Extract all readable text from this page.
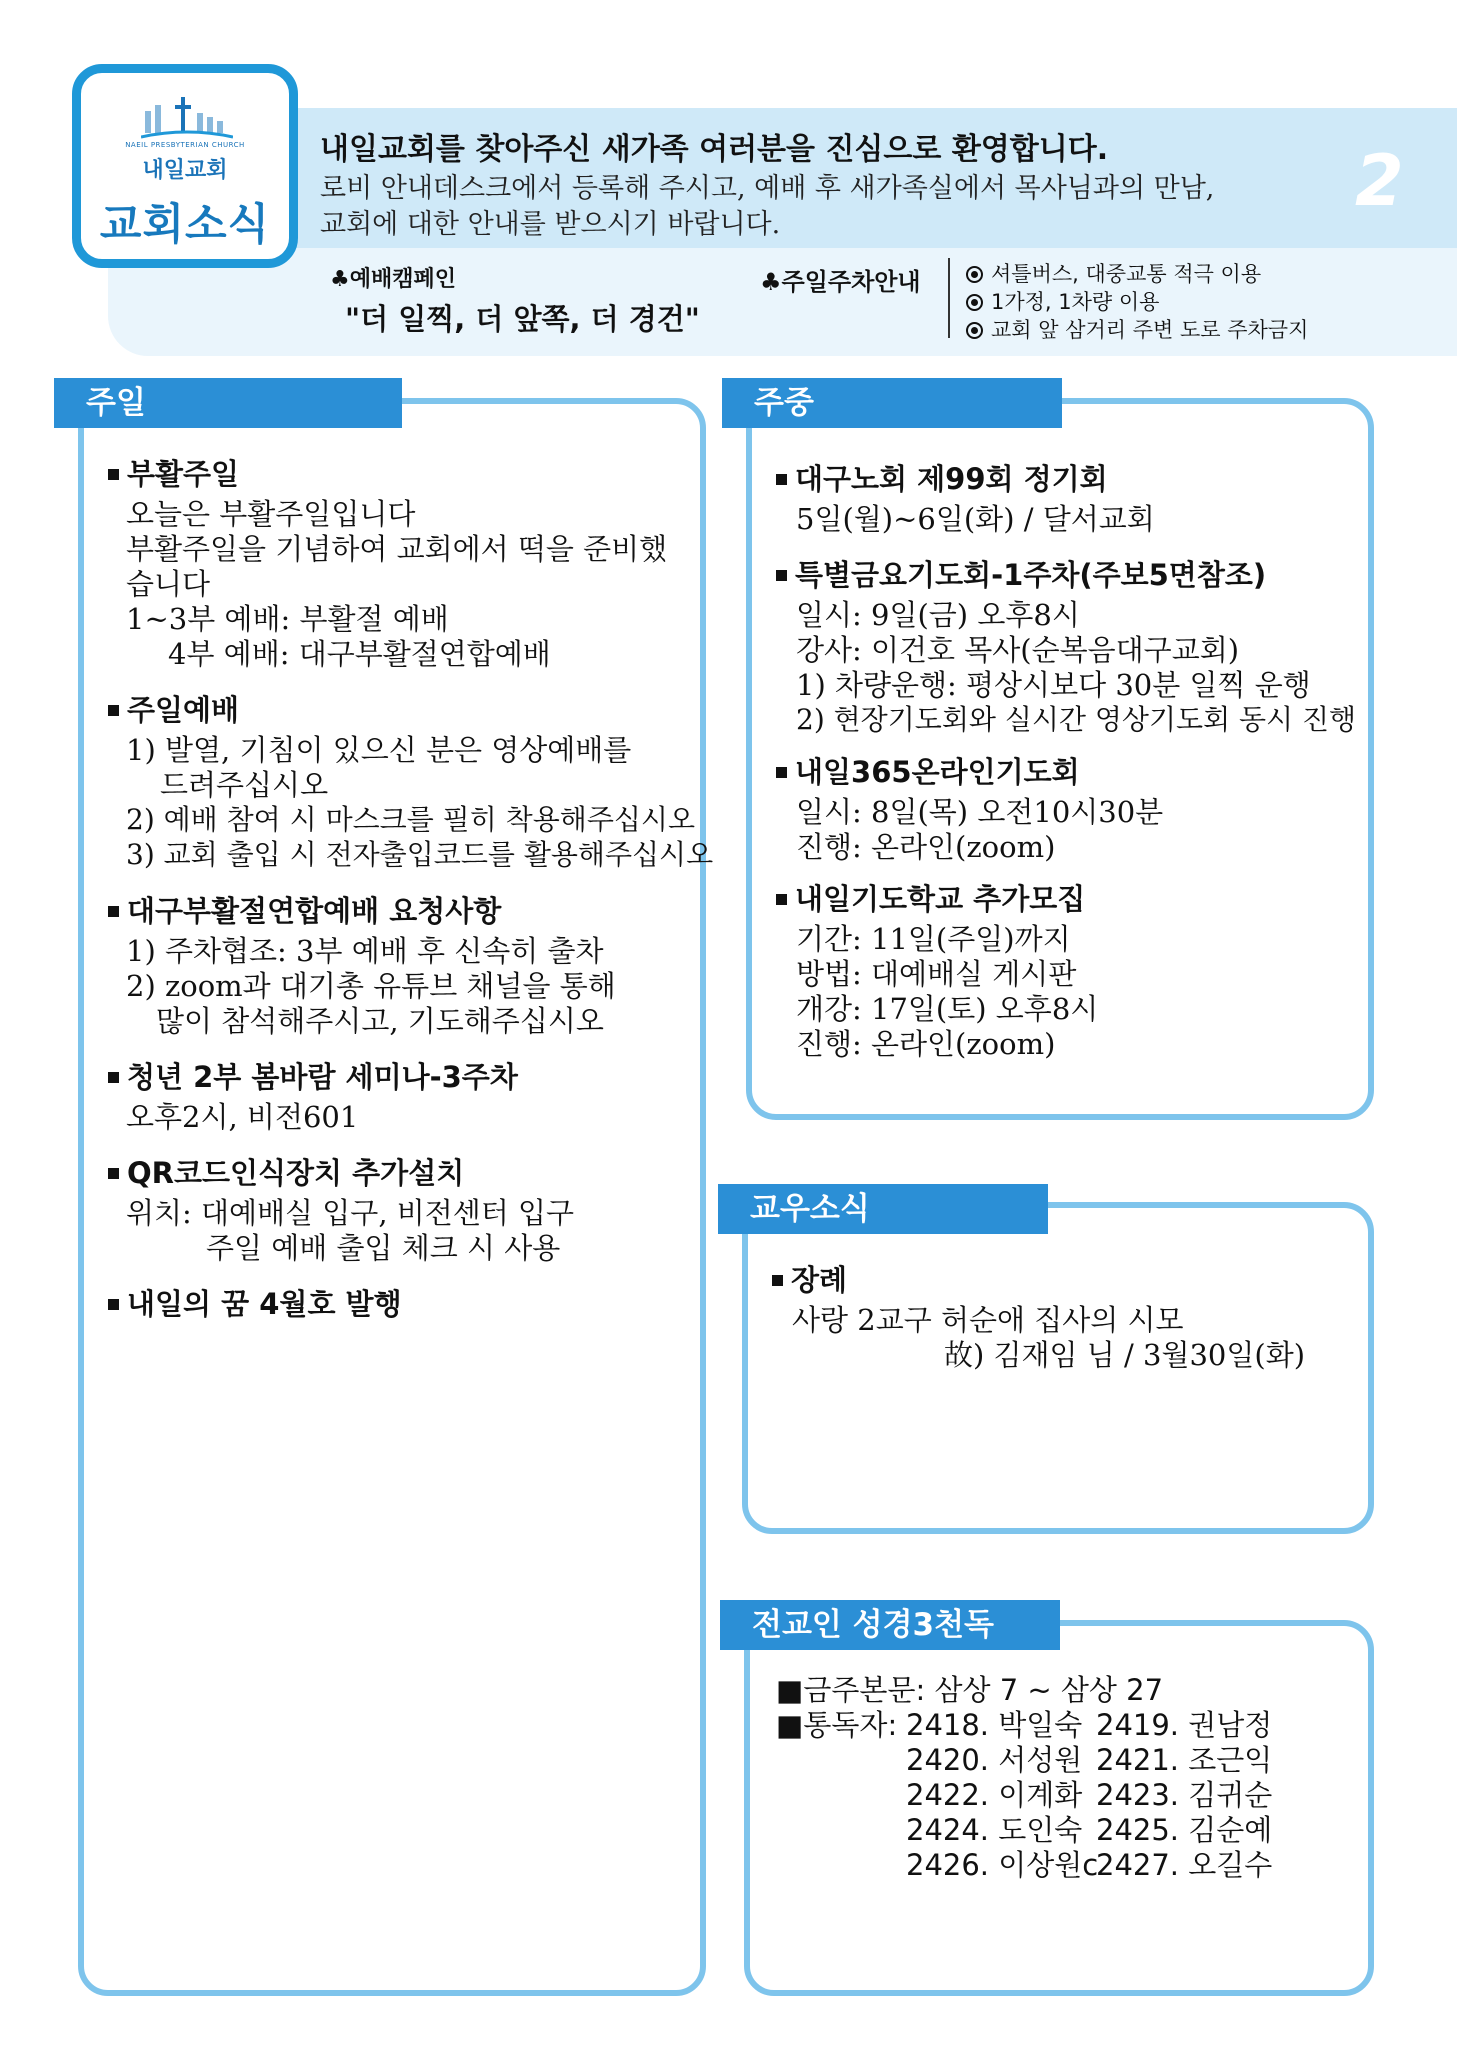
NAEIL PRESBYTERIAN CHURCH
내일교회
교회소식
내일교회를 찾아주신 새가족 여러분을 진심으로 환영합니다.
로비 안내데스크에서 등록해 주시고, 예배 후 새가족실에서 목사님과의 만남,
교회에 대한 안내를 받으시기 바랍니다.
2
♣예배캠페인
"더 일찍, 더 앞쪽, 더 경건"
♣주일주차안내	셔틀버스, 대중교통 적극 이용
1가정, 1차량 이용
교회 앞 삼거리 주변 도로 주차금지
주일
부활주일
오늘은 부활주일입니다
부활주일을 기념하여 교회에서 떡을 준비했
습니다
1~3부 예배: 부활절 예배
4부 예배: 대구부활절연합예배
주일예배
1) 발열, 기침이 있으신 분은 영상예배를
드려주십시오
2) 예배 참여 시 마스크를 필히 착용해주십시오
3) 교회 출입 시 전자출입코드를 활용해주십시오
대구부활절연합예배 요청사항
1) 주차협조: 3부 예배 후 신속히 출차
2) zoom과 대기총 유튜브 채널을 통해
많이 참석해주시고, 기도해주십시오
청년 2부 봄바람 세미나-3주차
오후2시, 비전601
QR코드인식장치 추가설치
위치: 대예배실 입구, 비전센터 입구
주일 예배 출입 체크 시 사용
내일의 꿈 4월호 발행
주중
대구노회 제99회 정기회
5일(월)~6일(화) / 달서교회
특별금요기도회-1주차(주보5면참조)
일시: 9일(금) 오후8시
강사: 이건호 목사(순복음대구교회)
1) 차량운행: 평상시보다 30분 일찍 운행
2) 현장기도회와 실시간 영상기도회 동시 진행
내일365온라인기도회
일시: 8일(목) 오전10시30분
진행: 온라인(zoom)
내일기도학교 추가모집
기간: 11일(주일)까지
방법: 대예배실 게시판
개강: 17일(토) 오후8시
진행: 온라인(zoom)
교우소식
장례
사랑 2교구 허순애 집사의 시모
故) 김재임 님 / 3월30일(화)
전교인 성경3천독
■금주본문: 삼상 7 ~ 삼상 27
■통독자: 2418. 박일숙 2419. 권남정
2420. 서성원 2421. 조근익
2422. 이계화 2423. 김귀순
2424. 도인숙 2425. 김순예
2426. 이상원c
2427. 오길수
